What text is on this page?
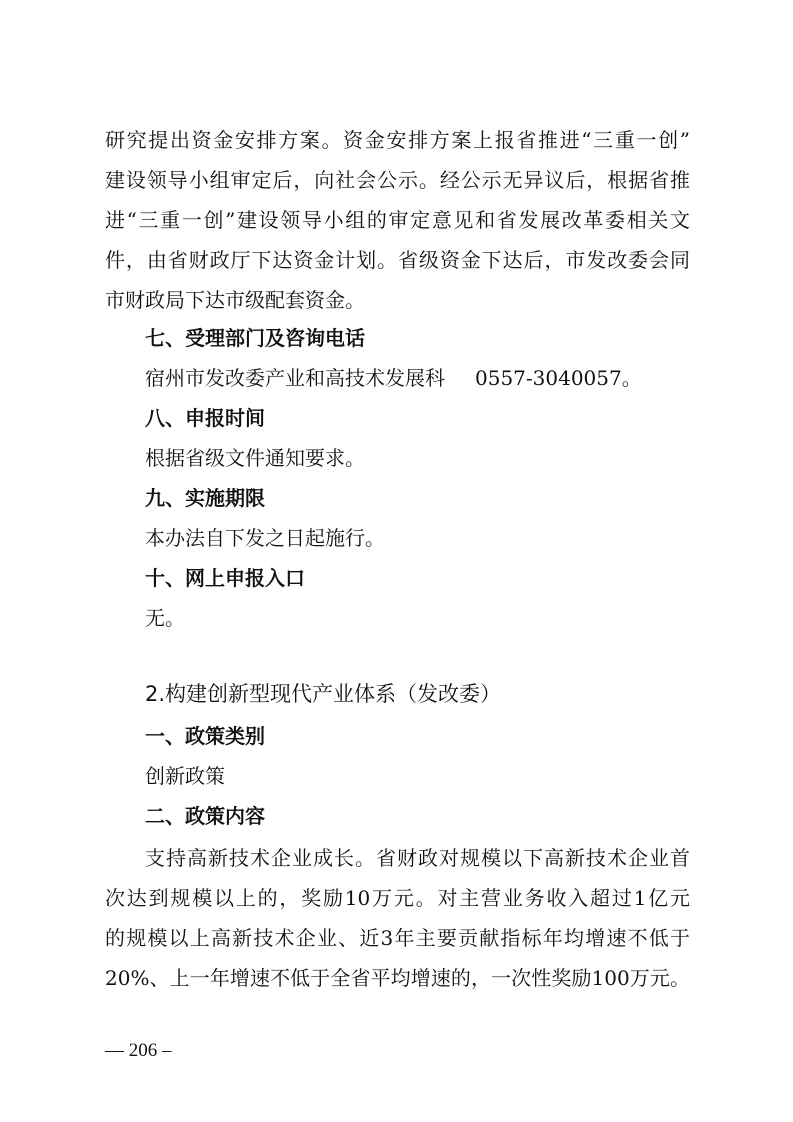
研究提出资金安排方案。资金安排方案上报省推进“三重一创”
建设领导小组审定后，向社会公示。经公示无异议后，根据省推
进“三重一创”建设领导小组的审定意见和省发展改革委相关文
件，由省财政厅下达资金计划。省级资金下达后，市发改委会同
市财政局下达市级配套资金。
七、受理部门及咨询电话
宿州市发改委产业和高技术发展科 0557-3040057。
八、申报时间
根据省级文件通知要求。
九、实施期限
本办法自下发之日起施行。
十、网上申报入口
无。
2.构建创新型现代产业体系（发改委）
一、政策类别
创新政策
二、政策内容
支持高新技术企业成长。省财政对规模以下高新技术企业首
次达到规模以上的，奖励10万元。对主营业务收入超过1亿元
的规模以上高新技术企业、近3年主要贡献指标年均增速不低于
20%、上一年增速不低于全省平均增速的，一次性奖励100万元。
— 206 –
